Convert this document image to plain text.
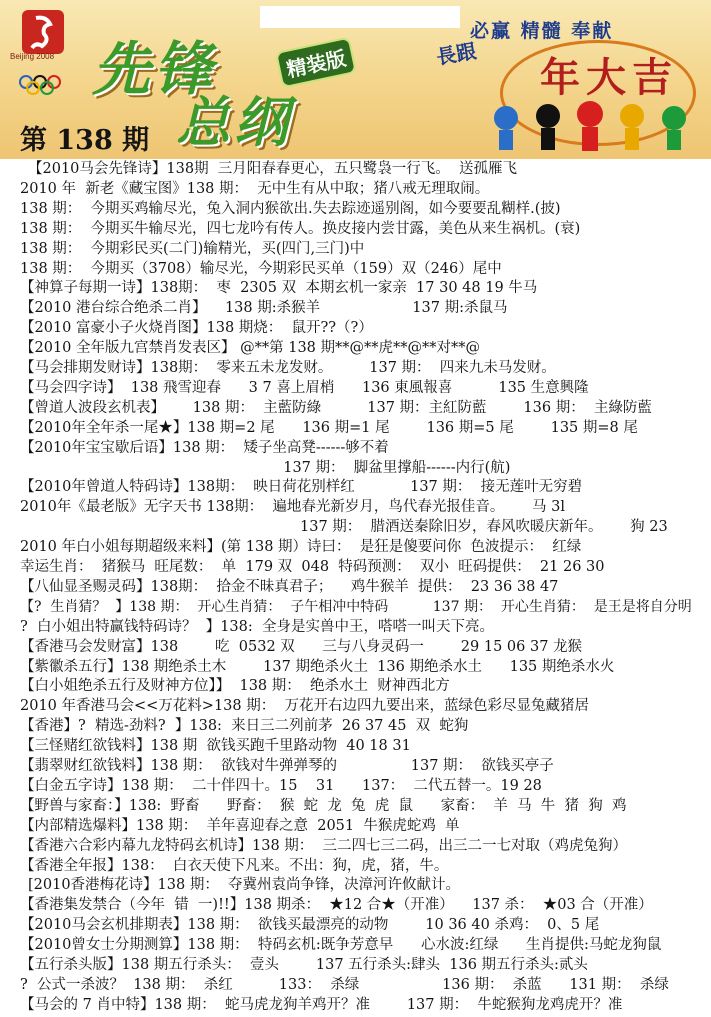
Beijing 2008 先锋
总纲
精装版
必赢 精髓 奉献
長跟
年大吉
第 138 期
【2010马会先锋诗】138期  三月阳春春更心，五只鹭袅一行飞。  送孤雁飞
2010 年  新老《藏宝图》138 期：  无中生有从中取；猪八戒无理取闹。
138 期：  今期买鸡输尽光，兔入洞内猴欲出.失去踪迹遥别阁，如今要要乱糊样.(披)
138 期：  今期买牛输尽光，四七龙吟有传人。换皮接内尝甘露，美色从来生祸机。(衰)
138 期：  今期彩民买(二门)输精光，买(四门,三门)中
138 期：  今期买（3708）输尽光，今期彩民买单（159）双（246）尾中
【神算子每期一诗】138期：  枣  2305 双  本期玄机一家亲  17 30 48 19 牛马
【2010 港台综合绝杀二肖】    138 期:杀猴羊                    137 期:杀鼠马
【2010 富豪小子火烧肖图】138 期烧：  鼠开??（?）
【2010 全年版九宫禁肖发表区】 @**第 138 期**@**虎**@**对**@
【马会排期发财诗】138期：  零来五未龙发财。        137 期：  四来九未马发财。
【马会四字诗】  138 飛雪迎春      3 7 喜上眉梢      136 東風報喜          135 生意興隆
【曾道人波段玄机表】      138 期：  主藍防綠          137 期：主紅防藍        136 期：  主綠防藍
【2010年全年杀一尾★】138 期=2 尾      136 期=1 尾        136 期=5 尾        135 期=8 尾
【2010年宝宝歇后语】138 期：  矮子坐高凳------够不着
137 期：  脚盆里撑船------内行(航)
【2010年曾道人特码诗】138期：  映日荷花别样红            137 期：  接无莲叶无穷碧
2010年《最老版》无字天书 138期：  遍地春光新岁月，鸟代春光报佳音。      马 3l
137 期：  腊酒送秦除旧岁，春风吹暖庆新年。      狗 23
2010 年白小姐每期超级来料】(第 138 期）诗曰：  是狂是傻要问你  色波提示：  红绿
幸运生肖：  猪猴马  旺尾数：  单  179 双  048  特码预测：  双小  旺码提供：  21 26 30
【八仙显圣赐灵码】138期：  拾金不昧真君子；    鸡牛猴羊  提供：  23 36 38 47
【?  生肖猜？  】138 期：  开心生肖猜：  子午相冲中特码          137 期：  开心生肖猜：  是王是将自分明
?  白小姐出特赢钱特码诗？  】138:  全身是实兽中王，嗒嗒一叫天下亮。
【香港马会发财富】138        吃  0532 双      三与八身灵码一        29 15 06 37 龙猴
【紫徽杀五行】138 期绝杀土木        137 期绝杀火土  136 期绝杀水土      135 期绝杀水火
【白小姐绝杀五行及财神方位】】  138 期：  绝杀水土  财神西北方
2010 年香港马会<<万花料>138 期：  万花开右边四九要出来，蓝绿色彩尽显兔藏猪居
【香港】?  精选-劲料?  】138:  来日三二列前茅  26 37 45  双  蛇狗
【三怪赌红欲钱料】138 期  欲钱买跑千里路动物  40 18 31
【翡翠财红欲钱料】138 期：  欲钱对牛弹弹琴的                137 期：  欲钱买亭子
【白金五字诗】138 期：  二十伴四十。15    31      137：  二代五替一。19 28
【野兽与家畜：】138:  野畜      野畜：  猴  蛇  龙  兔  虎  鼠      家畜：  羊  马  牛  猪  狗  鸡
【内部精选爆料】138 期：  羊年喜迎春之意  2051  牛猴虎蛇鸡  单
【香港六合彩内幕九龙特码玄机诗】138 期：  三二四七三二码，出三二一七对取（鸡虎兔狗）
【香港全年报】138：  白衣天使下凡来。不出：狗，虎，猪，牛。
[2010香港梅花诗】138 期：  夺冀州袁尚争锋，决漳河许攸献计。
【香港集发禁合（今年  错  一)!!】138 期杀：  ★12 合★（开准）    137 杀：  ★03 合（开准）
【2010马会玄机排期表】138 期：  欲钱买最漂亮的动物        10 36 40 杀鸡：  0、5 尾
【2010曾女士分期测算】138 期：  特码玄机:既争芳意早      心水波:红绿      生肖提供:马蛇龙狗鼠
【五行杀头版】138 期五行杀头：  壹头        137 五行杀头:肆头  136 期五行杀头:贰头
?  公式一杀波？  138 期：  杀红          133：  杀绿                  136 期：  杀蓝      131 期：  杀绿
【马会的 7 肖中特】138 期：  蛇马虎龙狗羊鸡开？准        137 期：  牛蛇猴狗龙鸡虎开？准
